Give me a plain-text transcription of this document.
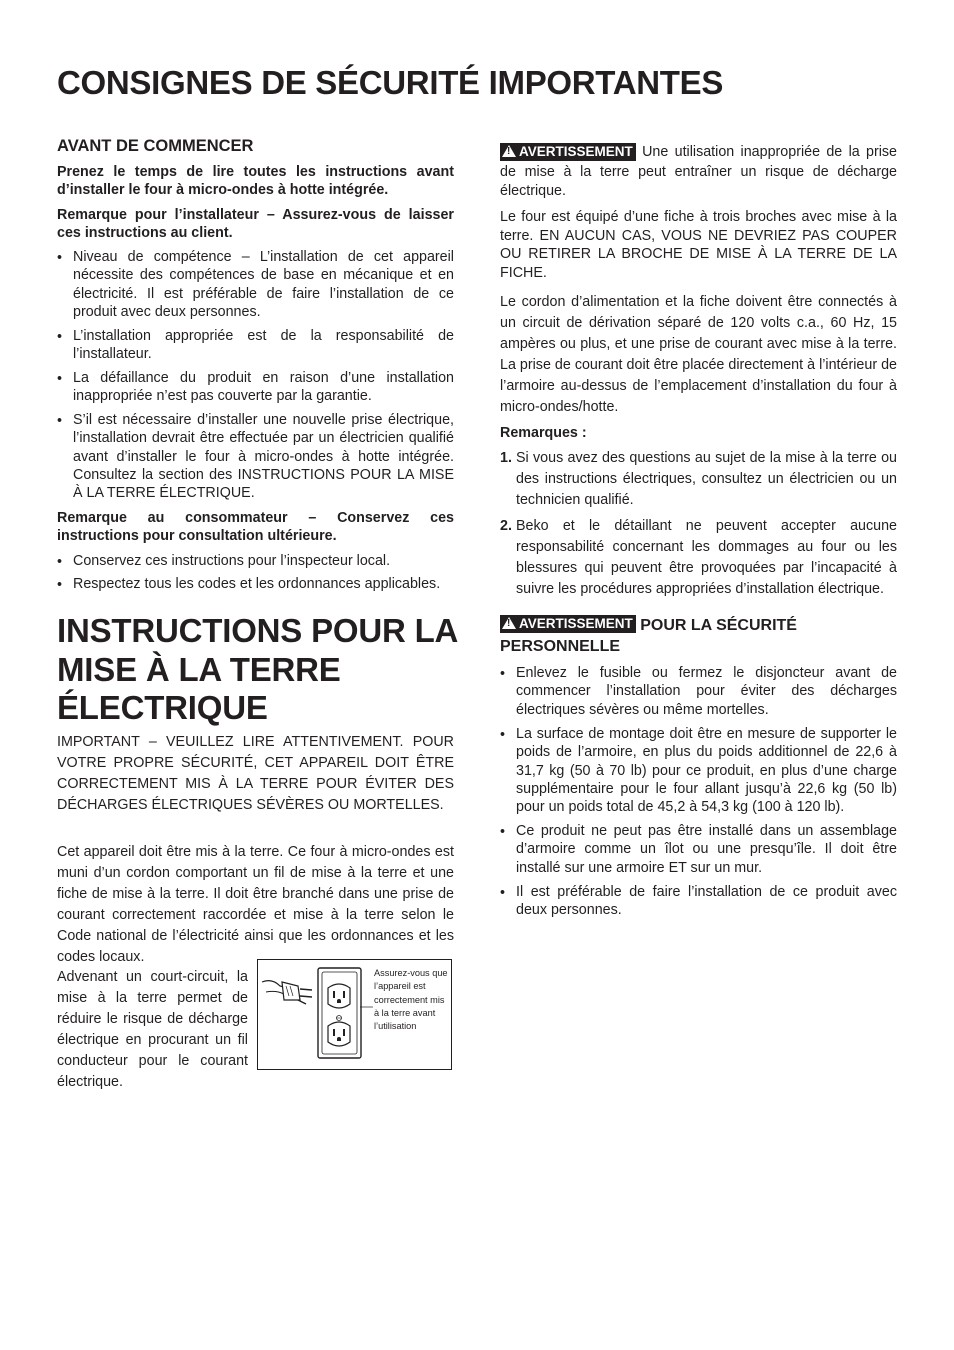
CONSIGNES DE SÉCURITÉ IMPORTANTES
AVANT DE COMMENCER

Prenez le temps de lire toutes les instructions avant d’installer le four à micro-ondes à hotte intégrée.

Remarque pour l’installateur – Assurez-vous de laisser ces instructions au client.

• Niveau de compétence – L’installation de cet appareil nécessite des compétences de base en mécanique et en électricité. Il est préférable de faire l’installation de ce produit avec deux personnes.

• L’installation appropriée est de la responsabilité de l’installateur.

• La défaillance du produit en raison d’une installation inappropriée n’est pas couverte par la garantie.

• S’il est nécessaire d’installer une nouvelle prise électrique, l’installation devrait être effectuée par un électricien qualifié avant d’installer le four à micro-ondes à hotte intégrée. Consultez la section des INSTRUCTIONS POUR LA MISE À LA TERRE ÉLECTRIQUE.

Remarque au consommateur – Conservez ces instructions pour consultation ultérieure.

• Conservez ces instructions pour l’inspecteur local.

• Respectez tous les codes et les ordonnances applicables.

INSTRUCTIONS POUR LA MISE À LA TERRE ÉLECTRIQUE

IMPORTANT – VEUILLEZ LIRE ATTENTIVEMENT. POUR VOTRE PROPRE SÉCURITÉ, CET APPAREIL DOIT ÊTRE CORRECTEMENT MIS À LA TERRE POUR ÉVITER DES DÉCHARGES ÉLECTRIQUES SÉVÈRES OU MORTELLES.

Cet appareil doit être mis à la terre. Ce four à micro-ondes est muni d’un cordon comportant un fil de mise à la terre et une fiche de mise à la terre. Il doit être branché dans une prise de courant correctement raccordée et mise à la terre selon le Code national de l’électricité ainsi que les ordonnances et les codes locaux.

Advenant un court-circuit, la mise à la terre permet de réduire le risque de décharge électrique en procurant un fil conducteur pour le courant électrique.

Assurez-vous que l’appareil est correctement mis à la terre avant l’utilisation

!AVERTISSEMENT Une utilisation inappropriée de la prise de mise à la terre peut entraîner un risque de décharge électrique.

Le four est équipé d’une fiche à trois broches avec mise à la terre. EN AUCUN CAS, VOUS NE DEVRIEZ PAS COUPER OU RETIRER LA BROCHE DE MISE À LA TERRE DE LA FICHE.

Le cordon d’alimentation et la fiche doivent être connectés à un circuit de dérivation séparé de 120 volts c.a., 60 Hz, 15 ampères ou plus, et une prise de courant avec mise à la terre. La prise de courant doit être placée directement à l’intérieur de l’armoire au-dessus de l’emplacement d’installation du four à micro-ondes/hotte.

Remarques :

1. Si vous avez des questions au sujet de la mise à la terre ou des instructions électriques, consultez un électricien ou un technicien qualifié.

2. Beko et le détaillant ne peuvent accepter aucune responsabilité concernant les dommages au four ou les blessures qui peuvent être provoquées par l’incapacité à suivre les procédures appropriées d’installation électrique.

!AVERTISSEMENT POUR LA SÉCURITÉ PERSONNELLE
• Enlevez le fusible ou fermez le disjoncteur avant de commencer l’installation pour éviter des décharges électriques sévères ou même mortelles.

• La surface de montage doit être en mesure de supporter le poids de l’armoire, en plus du poids additionnel de 22,6 à 31,7 kg (50 à 70 lb) pour ce produit, en plus d’une charge supplémentaire pour le four allant jusqu’à 22,6 kg (50 lb) pour un poids total de 45,2 à 54,3 kg (100 à 120 lb).

• Ce produit ne peut pas être installé dans un assemblage d’armoire comme un îlot ou une presqu’île. Il doit être installé sur une armoire ET sur un mur.

• Il est préférable de faire l’installation de ce produit avec deux personnes.
